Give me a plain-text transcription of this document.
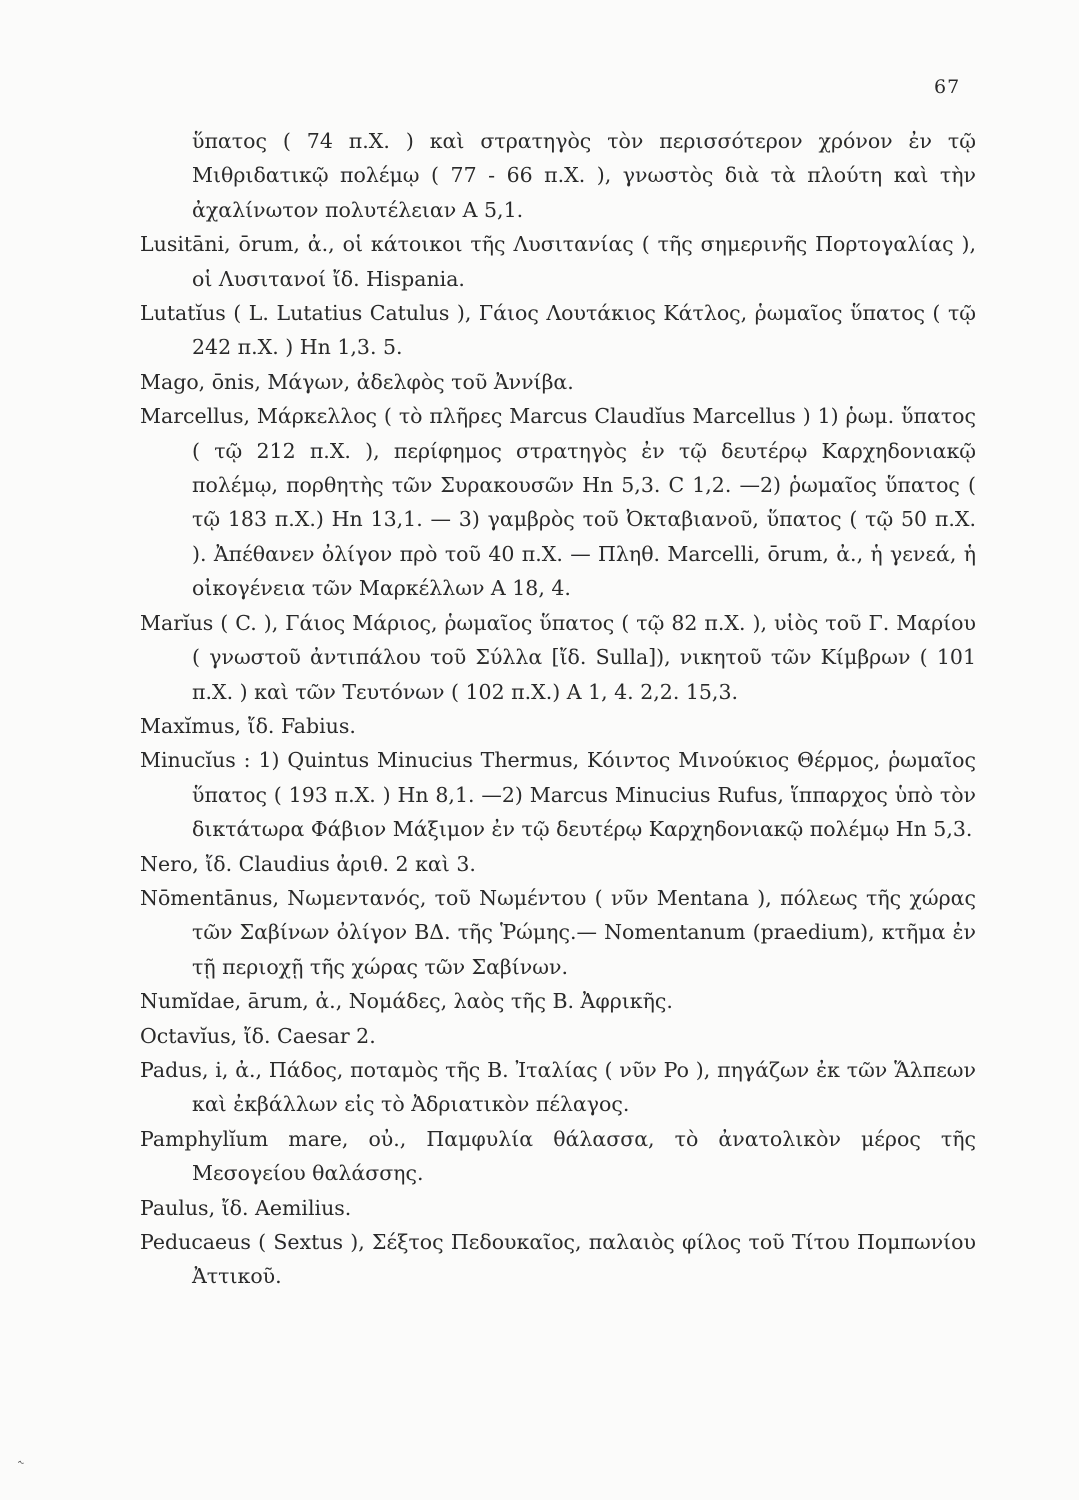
67

ὕπατος ( 74 π.Χ. ) καὶ στρατηγὸς τὸν περισσότερον χρόνον ἐν τῷ Μιθριδατικῷ πολέμῳ ( 77 - 66 π.Χ. ), γνωστὸς διὰ τὰ πλούτη καὶ τὴν ἀχαλίνωτον πολυτέλειαν Α 5,1.

Lusitāni, ōrum, ἀ., οἱ κάτοικοι τῆς Λυσιτανίας ( τῆς σημερινῆς Πορτογαλίας ), οἱ Λυσιτανοί ἴδ. Hispania.

Lutatĭus ( L. Lutatius Catulus ), Γάιος Λουτάκιος Κάτλος, ῥωμαῖος ὕπατος ( τῷ 242 π.Χ. ) Ηn 1,3. 5.

Mago, ōnis, Μάγων, ἀδελφὸς τοῦ Ἀννίβα.

Marcellus, Μάρκελλος ( τὸ πλῆρες Marcus Claudĭus Marcellus ) 1) ῥωμ. ὕπατος ( τῷ 212 π.Χ. ), περίφημος στρατηγὸς ἐν τῷ δευτέρῳ Καρχηδονιακῷ πολέμῳ, πορθητὴς τῶν Συρακουσῶν Ηn 5,3. C 1,2. —2) ῥωμαῖος ὕπατος ( τῷ 183 π.Χ.) Ηn 13,1. — 3) γαμβρὸς τοῦ Ὀκταβιανοῦ, ὕπατος ( τῷ 50 π.Χ. ). Ἀπέθανεν ὀλίγον πρὸ τοῦ 40 π.Χ. — Πληθ. Marcelli, ōrum, ἀ., ἡ γενεά, ἡ οἰκογένεια τῶν Μαρκέλλων Α 18, 4.

Marĭus ( C. ), Γάιος Μάριος, ῥωμαῖος ὕπατος ( τῷ 82 π.Χ. ), υἱὸς τοῦ Γ. Μαρίου ( γνωστοῦ ἀντιπάλου τοῦ Σύλλα [ἴδ. Sulla]), νικητοῦ τῶν Κίμβρων ( 101 π.Χ. ) καὶ τῶν Τευτόνων ( 102 π.Χ.) Α 1, 4. 2,2. 15,3.

Maxĭmus, ἴδ. Fabius.

Minucĭus : 1) Quintus Minucius Thermus, Κόιντος Μινούκιος Θέρμος, ῥωμαῖος ὕπατος ( 193 π.Χ. ) Ηn 8,1. —2) Marcus Minucius Rufus, ἵππαρχος ὑπὸ τὸν δικτάτωρα Φάβιον Μάξιμον ἐν τῷ δευτέρῳ Καρχηδονιακῷ πολέμῳ Ηn 5,3.

Nero, ἴδ. Claudius ἀριθ. 2 καὶ 3.

Nōmentānus, Νωμεντανός, τοῦ Νωμέντου ( νῦν Mentana ), πόλεως τῆς χώρας τῶν Σαβίνων ὀλίγον ΒΔ. τῆς Ῥώμης.— Nomentanum (praedium), κτῆμα ἐν τῇ περιοχῇ τῆς χώρας τῶν Σαβίνων.

Numĭdae, ārum, ἀ., Νομάδες, λαὸς τῆς Β. Ἀφρικῆς.

Octavĭus, ἴδ. Caesar 2.

Padus, i, ἀ., Πάδος, ποταμὸς τῆς Β. Ἰταλίας ( νῦν Po ), πηγάζων ἐκ τῶν Ἅλπεων καὶ ἐκβάλλων εἰς τὸ Ἀδριατικὸν πέλαγος.

Pamphylĭum mare, οὐ., Παμφυλία θάλασσα, τὸ ἀνατολικὸν μέρος τῆς Μεσογείου θαλάσσης.

Paulus, ἴδ. Aemilius.

Peducaeus ( Sextus ), Σέξτος Πεδουκαῖος, παλαιὸς φίλος τοῦ Τίτου Πομπωνίου Ἀττικοῦ.

˞
